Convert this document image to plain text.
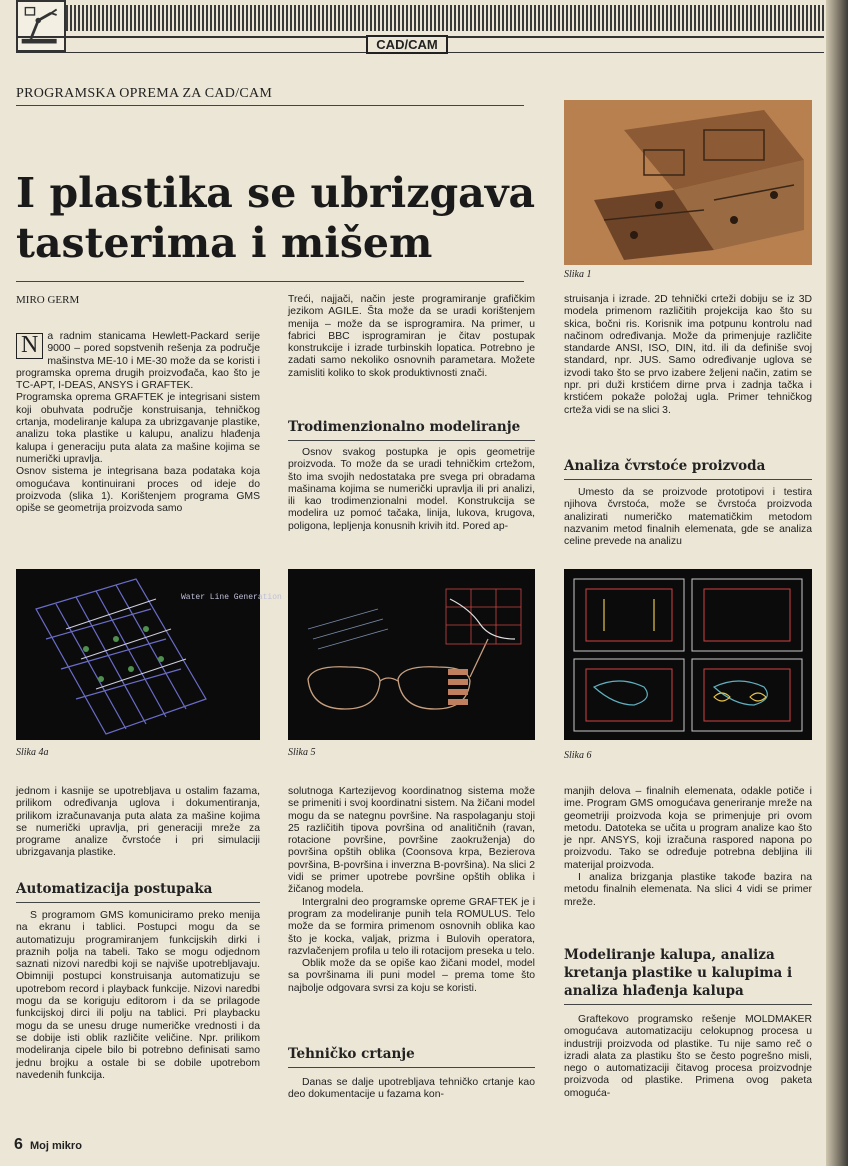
CAD/CAM
PROGRAMSKA OPREMA ZA CAD/CAM
I plastika se ubrizgava tasterima i mišem
MIRO GERM
Slika 1

N a radnim stanicama Hewlett-Packard serije 9000 – pored sopstvenih rešenja za područje mašinstva ME-10 i ME-30 može da se koristi i programska oprema drugih proizvođača, kao što je TC-APT, I-DEAS, ANSYS i GRAFTEK.

Programska oprema GRAFTEK je integrisani sistem koji obuhvata područje konstruisanja, tehničkog crtanja, modeliranje kalupa za ubrizgavanje plastike, analizu toka plastike u kalupu, analizu hlađenja kalupa i generaciju puta alata za mašine kojima se numerički upravlja.

Osnov sistema je integrisana baza podataka koja omogućava kontinuirani proces od ideje do proizvoda (slika 1). Korištenjem programa GMS opiše se geometrija proizvoda samo

Treći, najjači, način jeste programiranje grafičkim jezikom AGILE. Šta može da se uradi korištenjem menija – može da se isprogramira. Na primer, u fabrici BBC isprogramiran je čitav postupak konstrukcije i izrade turbinskih lopatica. Potrebno je zadati samo nekoliko osnovnih parametara. Možete zamisliti koliko to skok produktivnosti znači.

Trodimenzionalno modeliranje

Osnov svakog postupka je opis geometrije proizvoda. To može da se uradi tehničkim crtežom, što ima svojih nedostataka pre svega pri obradama mašinama kojima se numerički upravlja ili pri analizi, ili kao trodimenzionalni model. Konstrukcija se modelira uz pomoć tačaka, linija, lukova, krugova, poligona, lepljenja konusnih krivih itd. Pored ap-

struisanja i izrade. 2D tehnički crteži dobiju se iz 3D modela primenom različitih projekcija kao što su skica, bočni ris. Korisnik ima potpunu kontrolu nad načinom određivanja. Može da primenjuje različite standarde ANSI, ISO, DIN, itd. ili da definiše svoj standard, npr. JUS. Samo određivanje uglova se izvodi tako što se prvo izabere željeni način, zatim se npr. pri duži krstićem dirne prva i zadnja tačka i krstićem pokaže položaj ugla. Primer tehničkog crteža vidi se na slici 3.

Analiza čvrstoće proizvoda

Umesto da se proizvode prototipovi i testira njihova čvrstoća, može se čvrstoća proizvoda analizirati numeričko matematičkim metodom nazvanim metod finalnih elemenata, gde se analiza celine prevede na analizu

Water Line Generation
Slika 4a	Slika 5	Slika 6

jednom i kasnije se upotrebljava u ostalim fazama, prilikom određivanja uglova i dokumentiranja, prilikom izračunavanja puta alata za mašine kojima se numerički upravlja, pri generaciji mreže za programe analize čvrstoće i pri simulaciji ubrizgavanja plastike.

Automatizacija postupaka

S programom GMS komuniciramo preko menija na ekranu i tablici. Postupci mogu da se automatizuju programiranjem funkcijskih dirki i praznih polja na tabeli. Tako se mogu odjednom saznati nizovi naredbi koji se najviše upotrebljavaju. Obimniji postupci konstruisanja automatizuju se upotrebom record i playback funkcije. Nizovi naredbi mogu da se koriguju editorom i da se prilagode funkcijskoj dirci ili polju na tablici. Pri playbacku mogu da se unesu druge numeričke vrednosti i da se dobije isti oblik različite veličine. Npr. prilikom modeliranja cipele bilo bi potrebno definisati samo jednu brojku a ostale bi se dobile upotrebom navedenih funkcija.

solutnoga Kartezijevog koordinatnog sistema može se primeniti i svoj koordinatni sistem. Na žičani model mogu da se nategnu površine. Na raspolaganju stoji 25 različitih tipova površina od analitičnih (ravan, rotacione površine, površine zaokruženja) do površina opštih oblika (Coonsova krpa, Bezierova površina, B-površina i inverzna B-površina). Na slici 2 vidi se primer upotrebe površine opštih oblika i žičanog modela.

Intergralni deo programske opreme GRAFTEK je i program za modeliranje punih tela ROMULUS. Telo može da se formira primenom osnovnih oblika kao što je kocka, valjak, prizma i Bulovih operatora, razvlačenjem profila u telo ili rotacijom preseka u telo.

Oblik može da se opiše kao žičani model, model sa površinama ili puni model – prema tome što najbolje odgovara svrsi za koju se koristi.

Tehničko crtanje

Danas se dalje upotrebljava tehničko crtanje kao deo dokumentacije u fazama kon-

manjih delova – finalnih elemenata, odakle potiče i ime. Program GMS omogućava generiranje mreže na geometriji proizvoda koja se primenjuje pri ovom metodu. Datoteka se učita u program analize kao što je npr. ANSYS, koji izračuna raspored napona po proizvodu. Tako se određuje potrebna debljina ili materijal proizvoda.

I analiza brizganja plastike takođe bazira na metodu finalnih elemenata. Na slici 4 vidi se primer mreže.

Modeliranje kalupa, analiza kretanja plastike u kalupima i analiza hlađenja kalupa

Graftekovo programsko rešenje MOLDMAKER omogućava automatizaciju celokupnog procesa u industriji proizvoda od plastike. Tu nije samo reč o izradi alata za plastiku što se često pogrešno misli, nego o automatizaciji čitavog procesa proizvodnje proizvoda od plastike. Primena ovog paketa omogućа-

6 Moj mikro
